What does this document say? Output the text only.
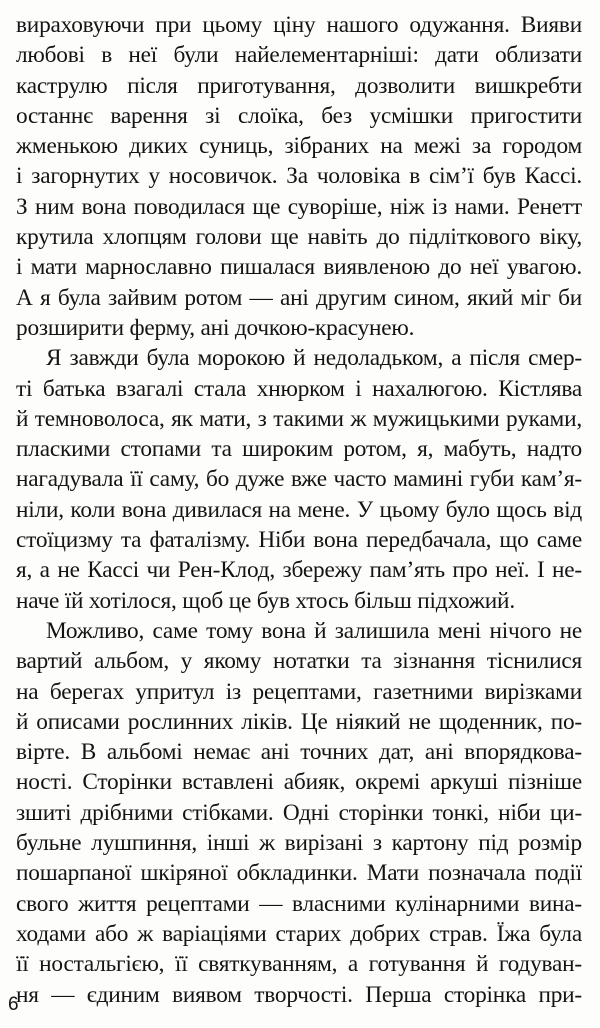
вираховуючи при цьому ціну нашого одужання. Вияви
любові в неї були найелементарніші: дати облизати
каструлю після приготування, дозволити вишкребти
останнє варення зі слоїка, без усмішки пригостити
жменькою диких суниць, зібраних на межі за городом
і загорнутих у носовичок. За чоловіка в сім’ї був Кассі.
З ним вона поводилася ще суворіше, ніж із нами. Ренетт
крутила хлопцям голови ще навіть до підліткового віку,
і мати марнославно пишалася виявленою до неї увагою.
А я була зайвим ротом — ані другим сином, який міг би
розширити ферму, ані дочкою-красунею.
Я завжди була морокою й недоладьком, а після смер-
ті батька взагалі стала хнюрком і нахалюгою. Кістлява
й темноволоса, як мати, з такими ж мужицькими руками,
пласкими стопами та широким ротом, я, мабуть, надто
нагадувала її саму, бо дуже вже часто мамині губи кам’я-
ніли, коли вона дивилася на мене. У цьому було щось від
стоїцизму та фаталізму. Ніби вона передбачала, що саме
я, а не Кассі чи Рен-Клод, збережу пам’ять про неї. І не-
наче їй хотілося, щоб це був хтось більш підхожий.
Можливо, саме тому вона й залишила мені нічого не
вартий альбом, у якому нотатки та зізнання тіснилися
на берегах упритул із рецептами, газетними вирізками
й описами рослинних ліків. Це ніякий не щоденник, по-
вірте. В альбомі немає ані точних дат, ані впорядкова-
ності. Сторінки вставлені абияк, окремі аркуші пізніше
зшиті дрібними стібками. Одні сторінки тонкі, ніби ци-
бульне лушпиння, інші ж вирізані з картону під розмір
пошарпаної шкіряної обкладинки. Мати позначала події
свого життя рецептами — власними кулінарними вина-
ходами або ж варіаціями старих добрих страв. Їжа була
її ностальгією, її святкуванням, а готування й годуван-
ня — єдиним виявом творчості. Перша сторінка при-
6
